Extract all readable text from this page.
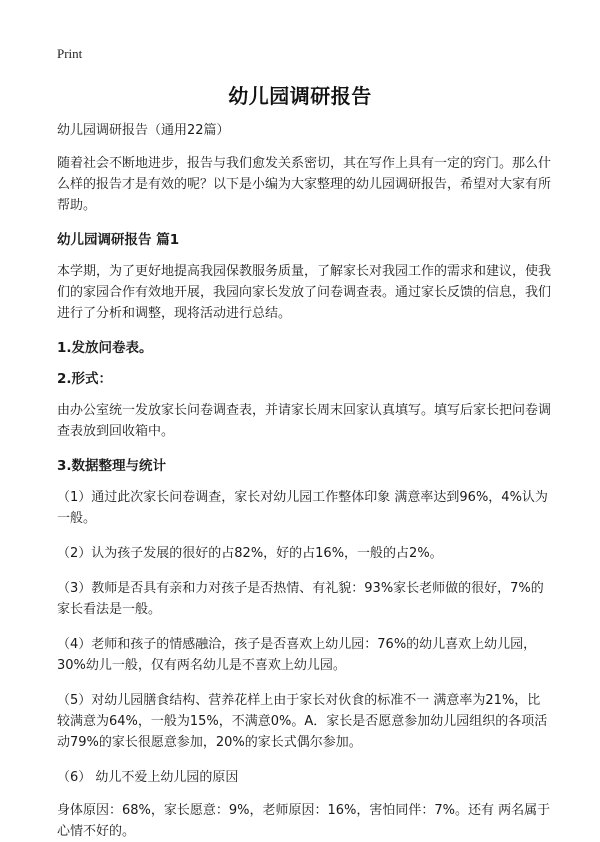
Print
幼儿园调研报告

幼儿园调研报告（通用22篇）

随着社会不断地进步，报告与我们愈发关系密切，其在写作上具有一定的窍门。那么什么样的报告才是有效的呢？以下是小编为大家整理的幼儿园调研报告，希望对大家有所帮助。

幼儿园调研报告 篇1

本学期，为了更好地提高我园保教服务质量，了解家长对我园工作的需求和建议，使我们的家园合作有效地开展，我园向家长发放了问卷调查表。通过家长反馈的信息，我们进行了分析和调整，现将活动进行总结。

1.发放问卷表。

2.形式：

由办公室统一发放家长问卷调查表，并请家长周末回家认真填写。填写后家长把问卷调查表放到回收箱中。

3.数据整理与统计

（1）通过此次家长问卷调查，家长对幼儿园工作整体印象 满意率达到96%，4%认为一般。

（2）认为孩子发展的很好的占82%，好的占16%，一般的占2%。

（3）教师是否具有亲和力对孩子是否热情、有礼貌：93%家长老师做的很好，7%的家长看法是一般。

（4）老师和孩子的情感融洽，孩子是否喜欢上幼儿园：76%的幼儿喜欢上幼儿园，30%幼儿一般，仅有两名幼儿是不喜欢上幼儿园。

（5）对幼儿园膳食结构、营养花样上由于家长对伙食的标准不一 满意率为21%，比较满意为64%，一般为15%，不满意0%。A．家长是否愿意参加幼儿园组织的各项活动79%的家长很愿意参加，20%的家长式偶尔参加。

（6） 幼儿不爱上幼儿园的原因

身体原因：68%，家长愿意：9%，老师原因：16%，害怕同伴：7%。还有 两名属于心情不好的。
